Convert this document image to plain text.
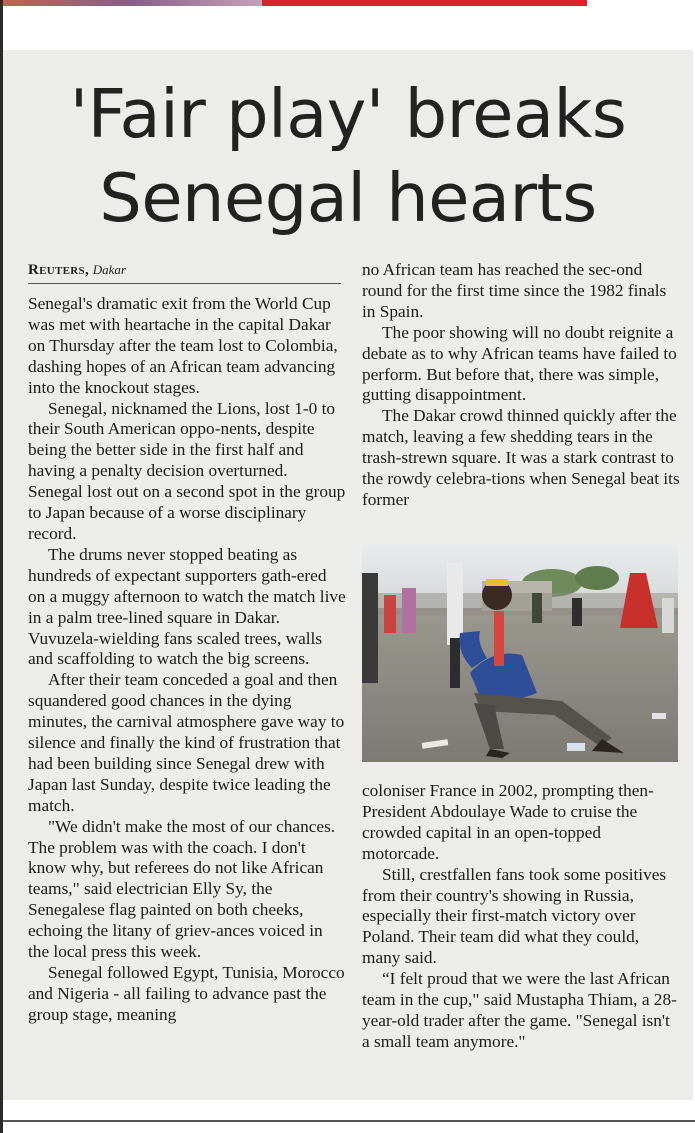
'Fair play' breaks
Senegal hearts
Reuters, Dakar

Senegal's dramatic exit from the World Cup was met with heartache in the capital Dakar on Thursday after the team lost to Colombia, dashing hopes of an African team advancing into the knockout stages.

Senegal, nicknamed the Lions, lost 1-0 to their South American oppo-nents, despite being the better side in the first half and having a penalty decision overturned. Senegal lost out on a second spot in the group to Japan because of a worse disciplinary record.

The drums never stopped beating as hundreds of expectant supporters gath-ered on a muggy afternoon to watch the match live in a palm tree-lined square in Dakar. Vuvuzela-wielding fans scaled trees, walls and scaffolding to watch the big screens.

After their team conceded a goal and then squandered good chances in the dying minutes, the carnival atmosphere gave way to silence and finally the kind of frustration that had been building since Senegal drew with Japan last Sunday, despite twice leading the match.

"We didn't make the most of our chances. The problem was with the coach. I don't know why, but referees do not like African teams," said electrician Elly Sy, the Senegalese flag painted on both cheeks, echoing the litany of griev-ances voiced in the local press this week.

Senegal followed Egypt, Tunisia, Morocco and Nigeria - all failing to advance past the group stage, meaning

no African team has reached the sec-ond round for the first time since the 1982 finals in Spain.

The poor showing will no doubt reignite a debate as to why African teams have failed to perform. But before that, there was simple, gutting disappointment.

The Dakar crowd thinned quickly after the match, leaving a few shedding tears in the trash-strewn square. It was a stark contrast to the rowdy celebra-tions when Senegal beat its former

coloniser France in 2002, prompting then-President Abdoulaye Wade to cruise the crowded capital in an open-topped motorcade.

Still, crestfallen fans took some positives from their country's showing in Russia, especially their first-match victory over Poland. Their team did what they could, many said.

“I felt proud that we were the last African team in the cup," said Mustapha Thiam, a 28-year-old trader after the game. "Senegal isn't a small team anymore."
